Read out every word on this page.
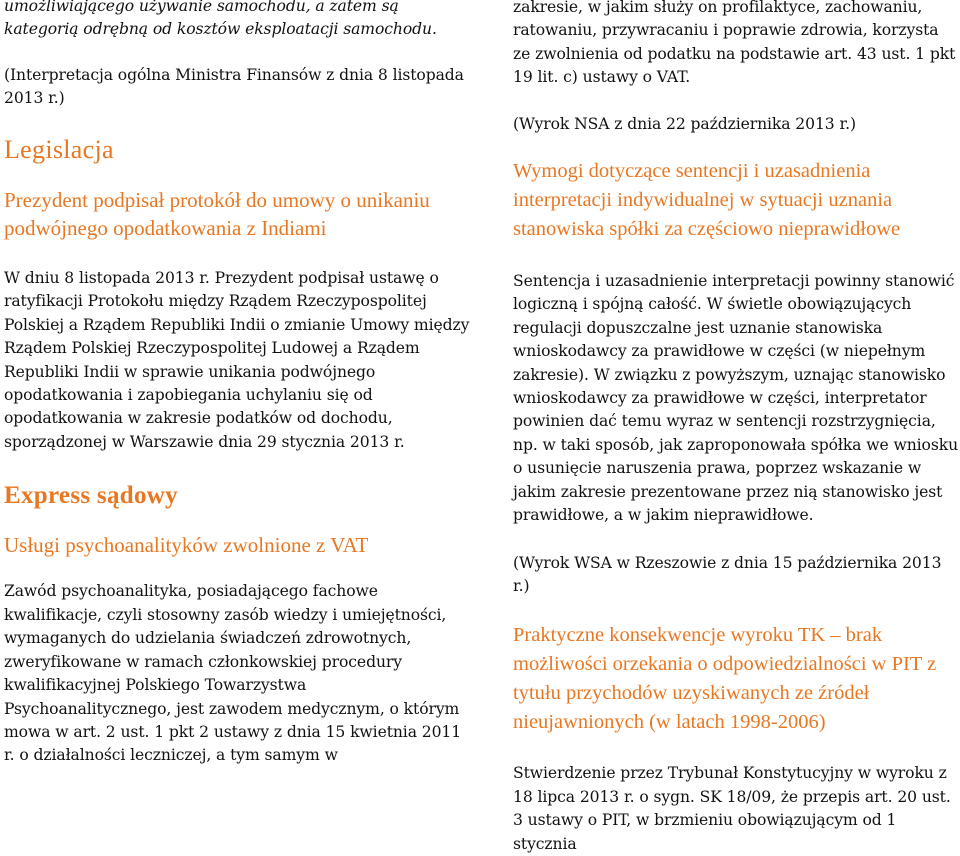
umożliwiającego używanie samochodu, a zatem są kategorią odrębną od kosztów eksploatacji samochodu.

(Interpretacja ogólna Ministra Finansów z dnia 8 listopada 2013 r.)

Legislacja
Prezydent podpisał protokół do umowy o unikaniu podwójnego opodatkowania z Indiami

W dniu 8 listopada 2013 r. Prezydent podpisał ustawę o ratyfikacji Protokołu między Rządem Rzeczypospolitej Polskiej a Rządem Republiki Indii o zmianie Umowy między Rządem Polskiej Rzeczypospolitej Ludowej a Rządem Republiki Indii w sprawie unikania podwójnego opodatkowania i zapobiegania uchylaniu się od opodatkowania w zakresie podatków od dochodu, sporządzonej w Warszawie dnia 29 stycznia 2013 r.

Express sądowy
Usługi psychoanalityków zwolnione z VAT

Zawód psychoanalityka, posiadającego fachowe kwalifikacje, czyli stosowny zasób wiedzy i umiejętności, wymaganych do udzielania świadczeń zdrowotnych, zweryfikowane w ramach członkowskiej procedury kwalifikacyjnej Polskiego Towarzystwa Psychoanalitycznego, jest zawodem medycznym, o którym mowa w art. 2 ust. 1 pkt 2 ustawy z dnia 15 kwietnia 2011 r. o działalności leczniczej, a tym samym w

zakresie, w jakim służy on profilaktyce, zachowaniu, ratowaniu, przywracaniu i poprawie zdrowia, korzysta ze zwolnienia od podatku na podstawie art. 43 ust. 1 pkt 19 lit. c) ustawy o VAT.

(Wyrok NSA z dnia 22 października 2013 r.)

Wymogi dotyczące sentencji i uzasadnienia interpretacji indywidualnej w sytuacji uznania stanowiska spółki za częściowo nieprawidłowe

Sentencja i uzasadnienie interpretacji powinny stanowić logiczną i spójną całość. W świetle obowiązujących regulacji dopuszczalne jest uznanie stanowiska wnioskodawcy za prawidłowe w części (w niepełnym zakresie). W związku z powyższym, uznając stanowisko wnioskodawcy za prawidłowe w części, interpretator powinien dać temu wyraz w sentencji rozstrzygnięcia, np. w taki sposób, jak zaproponowała spółka we wniosku o usunięcie naruszenia prawa, poprzez wskazanie w jakim zakresie prezentowane przez nią stanowisko jest prawidłowe, a w jakim nieprawidłowe.

(Wyrok WSA w Rzeszowie z dnia 15 października 2013 r.)

Praktyczne konsekwencje wyroku TK – brak możliwości orzekania o odpowiedzialności w PIT z tytułu przychodów uzyskiwanych ze źródeł nieujawnionych (w latach 1998-2006)

Stwierdzenie przez Trybunał Konstytucyjny w wyroku z 18 lipca 2013 r. o sygn. SK 18/09, że przepis art. 20 ust. 3 ustawy o PIT, w brzmieniu obowiązującym od 1 stycznia
